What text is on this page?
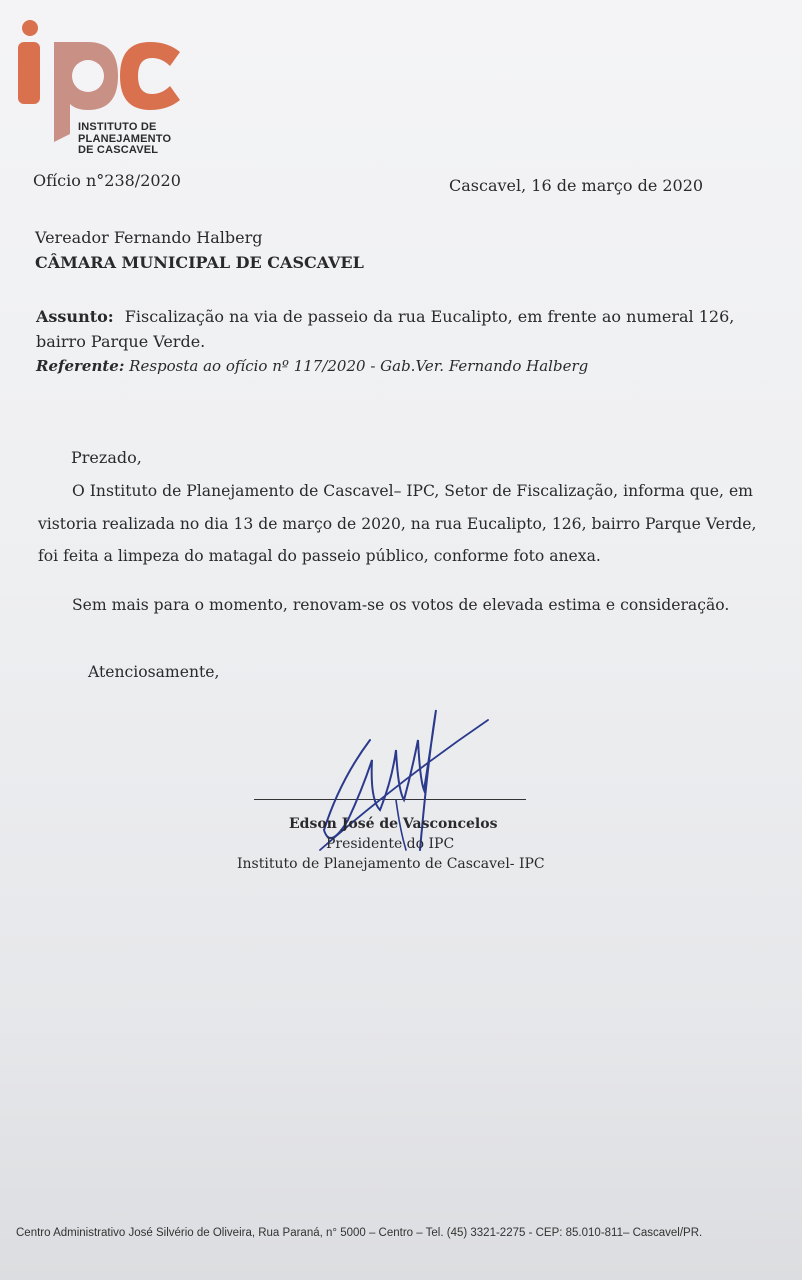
INSTITUTO DE
PLANEJAMENTO
DE CASCAVEL
Ofício n°238/2020	Cascavel, 16 de março de 2020
Vereador Fernando Halberg
CÂMARA MUNICIPAL DE CASCAVEL
Assunto: Fiscalização na via de passeio da rua Eucalipto, em frente ao numeral 126,
bairro Parque Verde.
Referente: Resposta ao ofício nº 117/2020 - Gab.Ver. Fernando Halberg
Prezado,
O Instituto de Planejamento de Cascavel– IPC, Setor de Fiscalização, informa que, em
vistoria realizada no dia 13 de março de 2020, na rua Eucalipto, 126, bairro Parque Verde,
foi feita a limpeza do matagal do passeio público, conforme foto anexa.
Sem mais para o momento, renovam-se os votos de elevada estima e consideração.
Atenciosamente,
Edson José de Vasconcelos
Presidente do IPC
Instituto de Planejamento de Cascavel- IPC
Centro Administrativo José Silvério de Oliveira, Rua Paraná, n° 5000 – Centro – Tel. (45) 3321-2275 - CEP: 85.010-811– Cascavel/PR.
